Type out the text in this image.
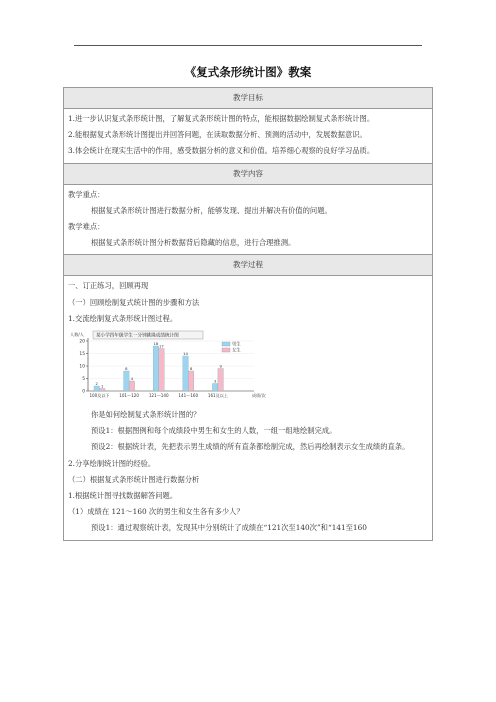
《复式条形统计图》教案
教学目标
1.进一步认识复式条形统计图，了解复式条形统计图的特点，能根据数据绘制复式条形统计图。
2.能根据复式条形统计图提出并回答问题，在读取数据分析、预测的活动中，发展数据意识。
3.体会统计在现实生活中的作用，感受数据分析的意义和价值。培养细心观察的良好学习品质。
教学内容
教学重点：
根据复式条形统计图进行数据分析，能够发现、提出并解决有价值的问题。
教学难点：
根据复式条形统计图分析数据背后隐藏的信息，进行合理推测。
教学过程
一、订正练习，回顾再现
（一）回顾绘制复式统计图的步骤和方法
1.交流绘制复式条形统计图过程。
人数/人
0
5
10
15
20
某小学四年级学生一分钟跳绳成绩统计图
男生
女生
2 1
100及以下
8
4
101～120
18 17
121～140
14
8
141～160
3
9
161及以上	成绩/次
你是如何绘制复式条形统计图的？
预设1：根据图例和每个成绩段中男生和女生的人数，一组一组地绘制完成。
预设2：根据统计表，先把表示男生成绩的所有直条都绘制完成，然后再绘制表示女生成绩的直条。
2.分享绘制统计图的经验。
（二）根据复式条形统计图进行数据分析
1.根据统计图寻找数据解答问题。
（1）成绩在 121～160 次的男生和女生各有多少人？
预设1：通过观察统计表，发现其中分别统计了成绩在“121次至140次”和“141至160
